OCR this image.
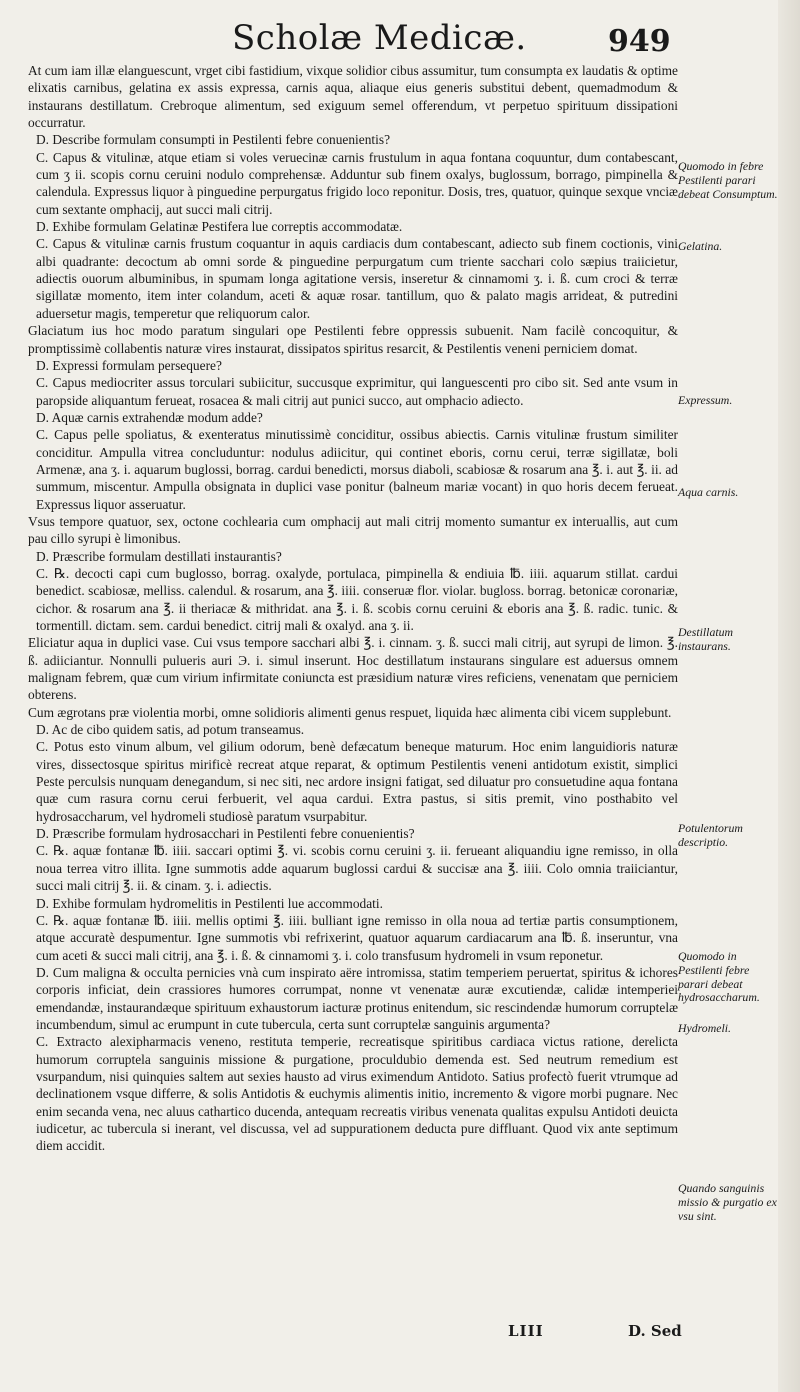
Scholæ Medicæ.	949

At cum iam illæ elanguescunt, vrget cibi fastidium, vixque solidior cibus assumitur, tum consumpta ex laudatis & optime elixatis carnibus, gelatina ex assis expressa, carnis aqua, aliaque eius generis substitui debent, quemadmodum & instaurans destillatum. Crebroque alimentum, sed exiguum semel offerendum, vt perpetuo spirituum dissipationi occurratur.

D. Describe formulam consumpti in Pestilenti febre conuenientis?

C. Capus & vitulinæ, atque etiam si voles veruecinæ carnis frustulum in aqua fontana coquuntur, dum contabescant, cum ʒ ii. scopis cornu ceruini nodulo comprehensæ. Adduntur sub finem oxalys, buglossum, borrago, pimpinella & calendula. Expressus liquor à pinguedine perpurgatus frigido loco reponitur. Dosis, tres, quatuor, quinque sexque vnciæ cum sextante omphacij, aut succi mali citrij.

D. Exhibe formulam Gelatinæ Pestifera lue correptis accommodatæ.

C. Capus & vitulinæ carnis frustum coquantur in aquis cardiacis dum contabescant, adiecto sub finem coctionis, vini albi quadrante: decoctum ab omni sorde & pinguedine perpurgatum cum triente sacchari colo sæpius traiicietur, adiectis ouorum albuminibus, in spumam longa agitatione versis, inseretur & cinnamomi ʒ. i. ß. cum croci & terræ sigillatæ momento, item inter colandum, aceti & aquæ rosar. tantillum, quo & palato magis arrideat, & putredini aduersetur magis, temperetur que reliquorum calor.

Glaciatum ius hoc modo paratum singulari ope Pestilenti febre oppressis subuenit. Nam facilè concoquitur, & promptissimè collabentis naturæ vires instaurat, dissipatos spiritus resarcit, & Pestilentis veneni perniciem domat.

D. Expressi formulam persequere?

C. Capus mediocriter assus torculari subiicitur, succusque exprimitur, qui languescenti pro cibo sit. Sed ante vsum in paropside aliquantum ferueat, rosacea & mali citrij aut punici succo, aut omphacio adiecto.

D. Aquæ carnis extrahendæ modum adde?

C. Capus pelle spoliatus, & exenteratus minutissimè conciditur, ossibus abiectis. Carnis vitulinæ frustum similiter conciditur. Ampulla vitrea concluduntur: nodulus adiicitur, qui continet eboris, cornu cerui, terræ sigillatæ, boli Armenæ, ana ʒ. i. aquarum buglossi, borrag. cardui benedicti, morsus diaboli, scabiosæ & rosarum ana ℥. i. aut ℥. ii. ad summum, miscentur. Ampulla obsignata in duplici vase ponitur (balneum mariæ vocant) in quo horis decem ferueat. Expressus liquor asseruatur.

Vsus tempore quatuor, sex, octone cochlearia cum omphacij aut mali citrij momento sumantur ex interuallis, aut cum pau cillo syrupi è limonibus.

D. Præscribe formulam destillati instaurantis?

C. ℞. decocti capi cum buglosso, borrag. oxalyde, portulaca, pimpinella & endiuia ℔. iiii. aquarum stillat. cardui benedict. scabiosæ, melliss. calendul. & rosarum, ana ℥. iiii. conseruæ flor. violar. bugloss. borrag. betonicæ coronariæ, cichor. & rosarum ana ℥. ii theriacæ & mithridat. ana ℥. i. ß. scobis cornu ceruini & eboris ana ℥. ß. radic. tunic. & tormentill. dictam. sem. cardui benedict. citrij mali & oxalyd. ana ʒ. ii.

Eliciatur aqua in duplici vase. Cui vsus tempore sacchari albi ℥. i. cinnam. ʒ. ß. succi mali citrij, aut syrupi de limon. ℥. ß. adiiciantur. Nonnulli pulueris auri Э. i. simul inserunt. Hoc destillatum instaurans singulare est aduersus omnem malignam febrem, quæ cum virium infirmitate coniuncta est præsidium naturæ vires reficiens, venenatam que perniciem obterens.

Cum ægrotans præ violentia morbi, omne solidioris alimenti genus respuet, liquida hæc alimenta cibi vicem supplebunt.

D. Ac de cibo quidem satis, ad potum transeamus.

C. Potus esto vinum album, vel gilium odorum, benè defæcatum beneque maturum. Hoc enim languidioris naturæ vires, dissectosque spiritus mirificè recreat atque reparat, & optimum Pestilentis veneni antidotum existit, simplici Peste perculsis nunquam denegandum, si nec siti, nec ardore insigni fatigat, sed diluatur pro consuetudine aqua fontana quæ cum rasura cornu cerui ferbuerit, vel aqua cardui. Extra pastus, si sitis premit, vino posthabito vel hydrosaccharum, vel hydromeli studiosè paratum vsurpabitur.

D. Præscribe formulam hydrosacchari in Pestilenti febre conuenientis?

C. ℞. aquæ fontanæ ℔. iiii. saccari optimi ℥. vi. scobis cornu ceruini ʒ. ii. ferueant aliquandiu igne remisso, in olla noua terrea vitro illita. Igne summotis adde aquarum buglossi cardui & succisæ ana ℥. iiii. Colo omnia traiiciantur, succi mali citrij ℥. ii. & cinam. ʒ. i. adiectis.

D. Exhibe formulam hydromelitis in Pestilenti lue accommodati.

C. ℞. aquæ fontanæ ℔. iiii. mellis optimi ℥. iiii. bulliant igne remisso in olla noua ad tertiæ partis consumptionem, atque accuratè despumentur. Igne summotis vbi refrixerint, quatuor aquarum cardiacarum ana ℔. ß. inseruntur, vna cum aceti & succi mali citrij, ana ℥. i. ß. & cinnamomi ʒ. i. colo transfusum hydromeli in vsum reponetur.

D. Cum maligna & occulta pernicies vnà cum inspirato aëre intromissa, statim temperiem peruertat, spiritus & ichores corporis inficiat, dein crassiores humores corrumpat, nonne vt venenatæ auræ excutiendæ, calidæ intemperiei emendandæ, instaurandæque spirituum exhaustorum iacturæ protinus enitendum, sic rescindendæ humorum corruptelæ incumbendum, simul ac erumpunt in cute tubercula, certa sunt corruptelæ sanguinis argumenta?

C. Extracto alexipharmacis veneno, restituta temperie, recreatisque spiritibus cardiaca victus ratione, derelicta humorum corruptela sanguinis missione & purgatione, proculdubio demenda est. Sed neutrum remedium est vsurpandum, nisi quinquies saltem aut sexies hausto ad virus eximendum Antidoto. Satius profectò fuerit vtrumque ad declinationem vsque differre, & solis Antidotis & euchymis alimentis initio, incremento & vigore morbi pugnare. Nec enim secanda vena, nec aluus cathartico ducenda, antequam recreatis viribus venenata qualitas expulsu Antidoti deuicta iudicetur, ac tubercula si inerant, vel discussa, vel ad suppurationem deducta pure diffluant. Quod vix ante septimum diem accidit.

Quomodo in febre Pestilenti parari debeat Consumptum.
Gelatina.
Expressum.
Aqua carnis.
Destillatum instaurans.
Potulentorum descriptio.
Quomodo in Pestilenti febre parari debeat hydrosaccharum.
Hydromeli.
Quando sanguinis missio & purgatio ex vsu sint.
LIII	D. Sed
